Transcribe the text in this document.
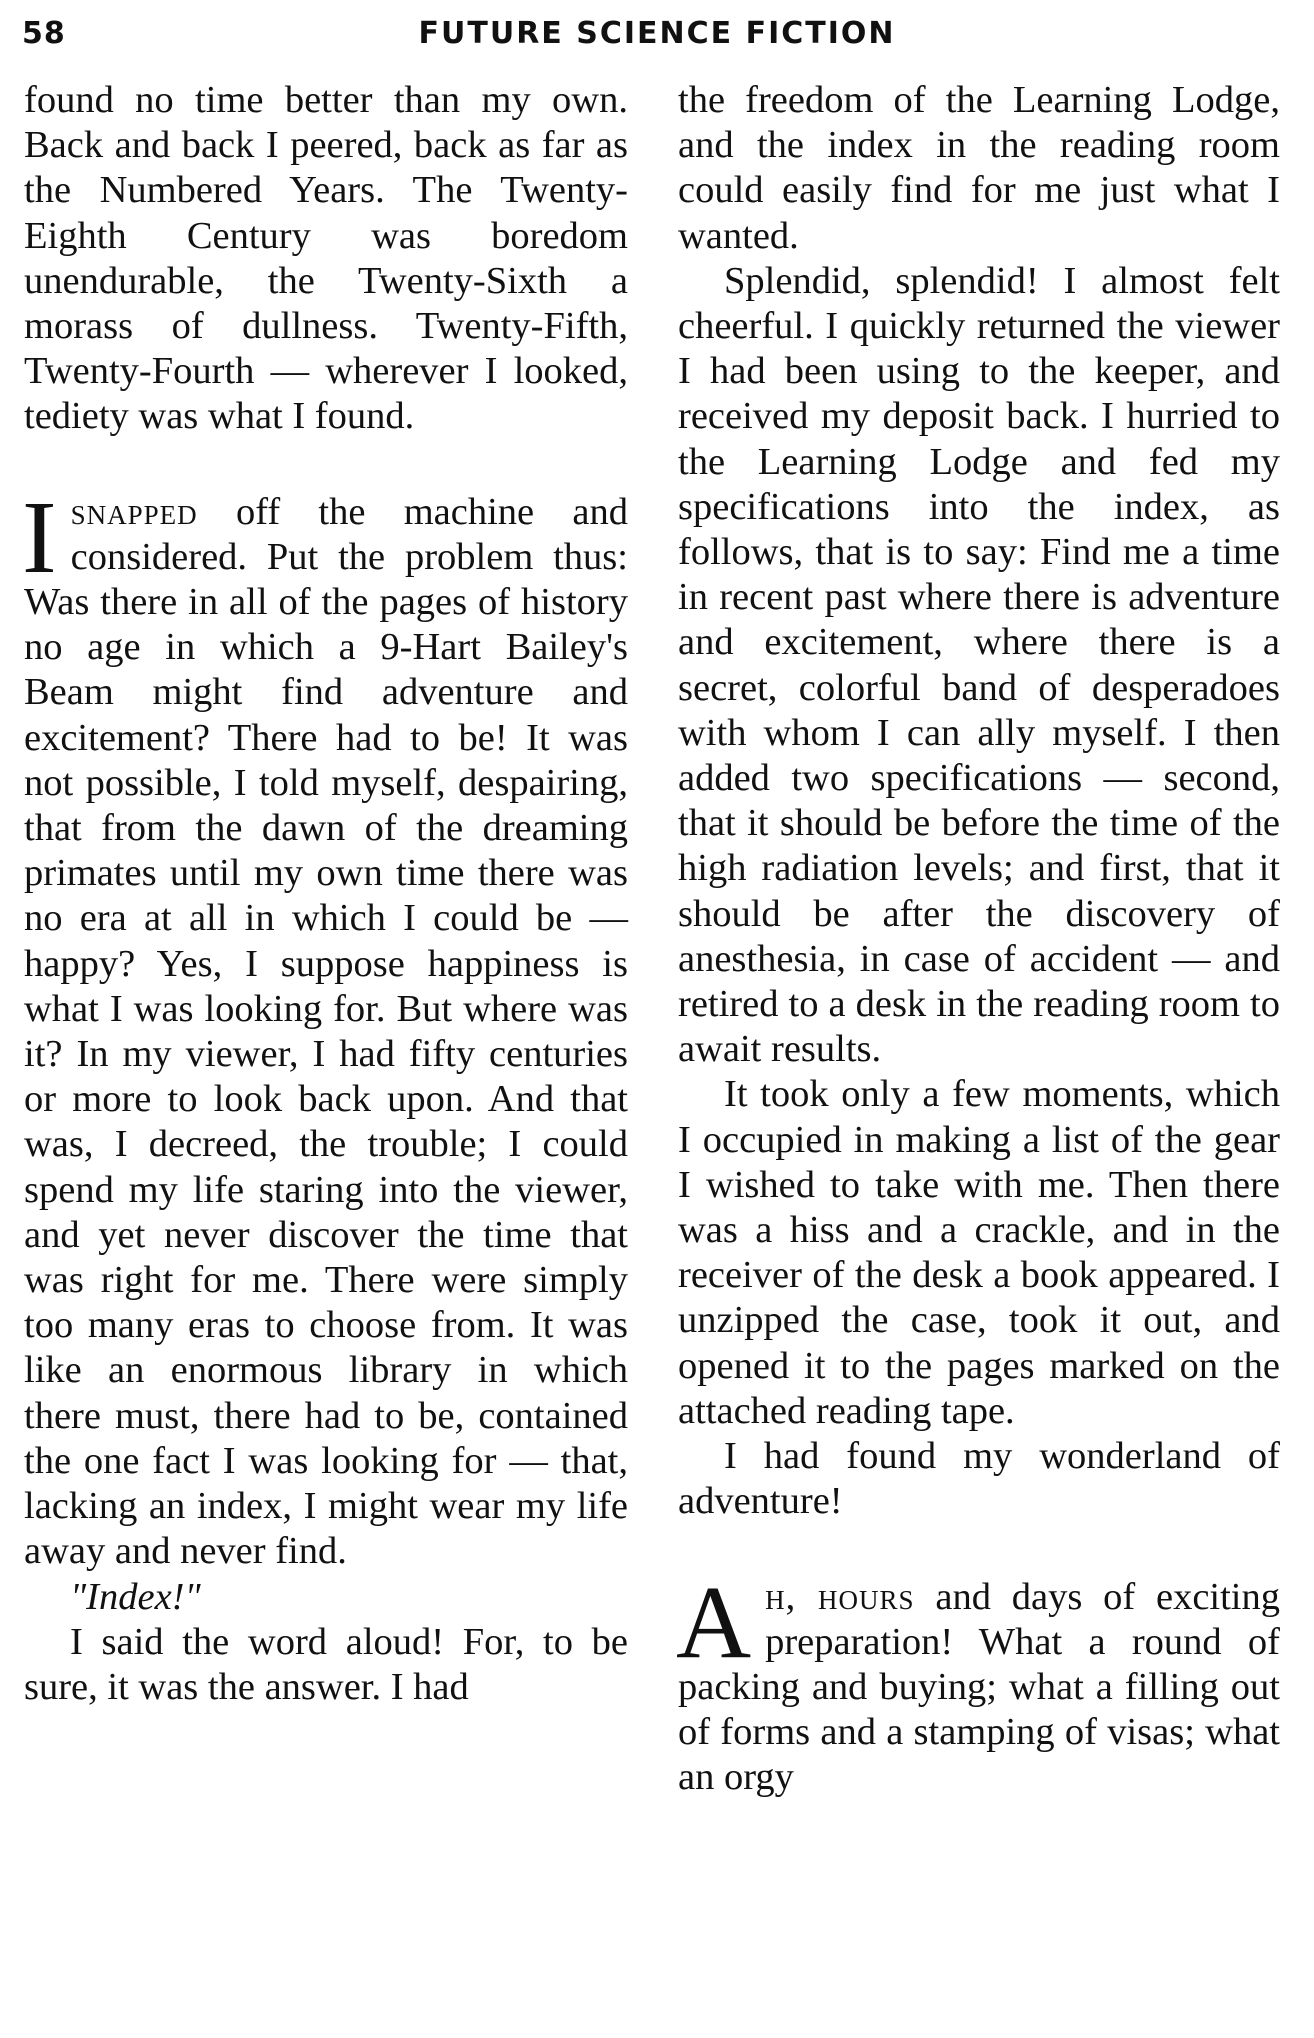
58	FUTURE SCIENCE FICTION

found no time better than my own. Back and back I peered, back as far as the Numbered Years. The Twenty-Eighth Century was boredom unendurable, the Twenty-Sixth a morass of dullness. Twenty-Fifth, Twenty-Fourth — wherever I looked, tediety was what I found.

Isnapped off the machine and considered. Put the problem thus: Was there in all of the pages of history no age in which a 9-Hart Bailey's Beam might find adventure and excitement? There had to be! It was not possible, I told myself, despairing, that from the dawn of the dreaming primates until my own time there was no era at all in which I could be — happy? Yes, I suppose happiness is what I was looking for. But where was it? In my viewer, I had fifty centuries or more to look back upon. And that was, I decreed, the trouble; I could spend my life staring into the viewer, and yet never discover the time that was right for me. There were simply too many eras to choose from. It was like an enormous library in which there must, there had to be, contained the one fact I was looking for — that, lacking an index, I might wear my life away and never find.

"Index!"

I said the word aloud! For, to be sure, it was the answer. I had

the freedom of the Learning Lodge, and the index in the reading room could easily find for me just what I wanted.

Splendid, splendid! I almost felt cheerful. I quickly returned the viewer I had been using to the keeper, and received my deposit back. I hurried to the Learning Lodge and fed my specifications into the index, as follows, that is to say: Find me a time in recent past where there is adventure and excitement, where there is a secret, colorful band of desperadoes with whom I can ally myself. I then added two specifications — second, that it should be before the time of the high radiation levels; and first, that it should be after the discovery of anesthesia, in case of accident — and retired to a desk in the reading room to await results.

It took only a few moments, which I occupied in making a list of the gear I wished to take with me. Then there was a hiss and a crackle, and in the receiver of the desk a book appeared. I unzipped the case, took it out, and opened it to the pages marked on the attached reading tape.

I had found my wonderland of adventure!

Ah, hours and days of exciting preparation! What a round of packing and buying; what a filling out of forms and a stamping of visas; what an orgy
